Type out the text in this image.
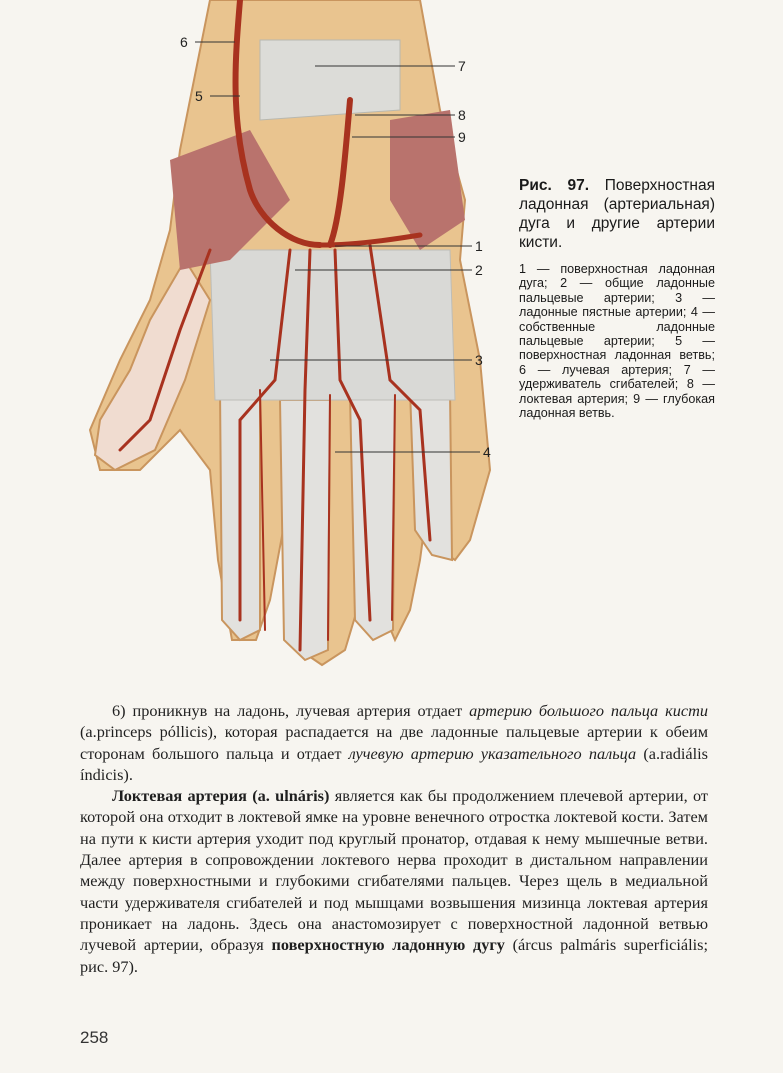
6
5
7
8
9
1
2
3
4

Рис. 97. Поверхностная ладонная (артериальная) дуга и другие артерии кисти.

1 — поверхностная ладонная дуга; 2 — общие ладонные пальцевые артерии; 3 — ладонные пястные артерии; 4 — собственные ладонные пальцевые артерии; 5 — поверхностная ладонная ветвь; 6 — лучевая артерия; 7 — удерживатель сгибателей; 8 — локтевая артерия; 9 — глубокая ладонная ветвь.

6) проникнув на ладонь, лучевая артерия отдает артерию большого пальца кисти (a.princeps póllicis), которая распадается на две ладонные пальцевые артерии к обеим сторонам большого пальца и отдает лучевую артерию указательного пальца (a.radiális índicis).

Локтевая артерия (a. ulnáris) является как бы продолжением плечевой артерии, от которой она отходит в локтевой ямке на уровне венечного отростка локтевой кости. Затем на пути к кисти артерия уходит под круглый пронатор, отдавая к нему мышечные ветви. Далее артерия в сопровождении локтевого нерва проходит в дистальном направлении между поверхностными и глубокими сгибателями пальцев. Через щель в медиальной части удерживателя сгибателей и под мышцами возвышения мизинца локтевая артерия проникает на ладонь. Здесь она анастомозирует с поверхностной ладонной ветвью лучевой артерии, образуя поверхностную ладонную дугу (árcus palmáris superficiális; рис. 97).

258
